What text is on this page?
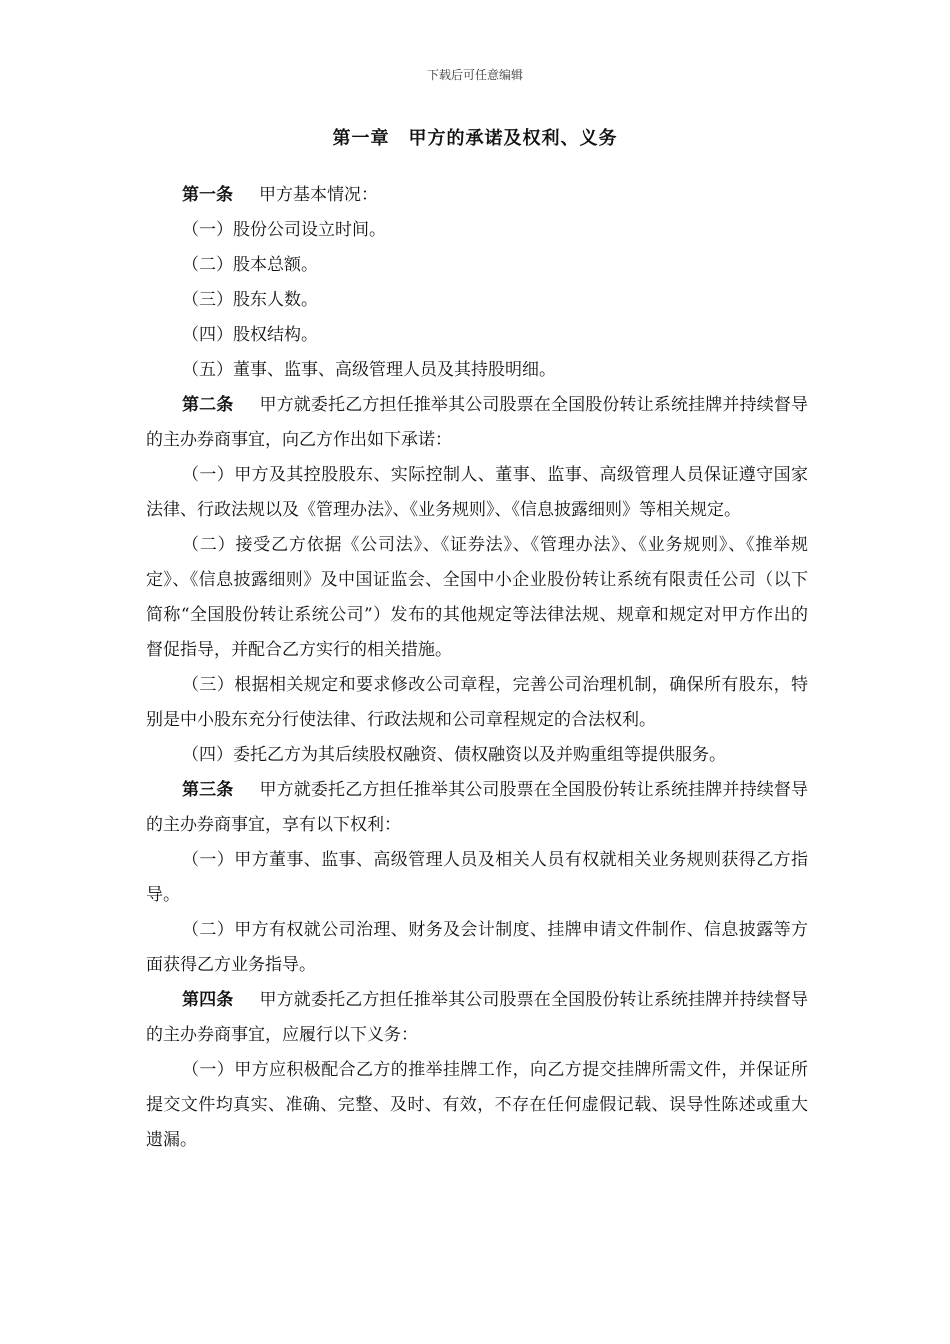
下载后可任意编辑
第一章　甲方的承诺及权利、义务

第一条 甲方基本情况：

（一）股份公司设立时间。

（二）股本总额。

（三）股东人数。

（四）股权结构。

（五）董事、监事、高级管理人员及其持股明细。

第二条 甲方就委托乙方担任推举其公司股票在全国股份转让系统挂牌并持续督导的主办券商事宜，向乙方作出如下承诺：

（一）甲方及其控股股东、实际控制人、董事、监事、高级管理人员保证遵守国家法律、行政法规以及《管理办法》、《业务规则》、《信息披露细则》等相关规定。

（二）接受乙方依据《公司法》、《证券法》、《管理办法》、《业务规则》、《推举规定》、《信息披露细则》及中国证监会、全国中小企业股份转让系统有限责任公司（以下简称“全国股份转让系统公司”）发布的其他规定等法律法规、规章和规定对甲方作出的督促指导，并配合乙方实行的相关措施。

（三）根据相关规定和要求修改公司章程，完善公司治理机制，确保所有股东，特别是中小股东充分行使法律、行政法规和公司章程规定的合法权利。

（四）委托乙方为其后续股权融资、债权融资以及并购重组等提供服务。

第三条 甲方就委托乙方担任推举其公司股票在全国股份转让系统挂牌并持续督导的主办券商事宜，享有以下权利：

（一）甲方董事、监事、高级管理人员及相关人员有权就相关业务规则获得乙方指导。

（二）甲方有权就公司治理、财务及会计制度、挂牌申请文件制作、信息披露等方面获得乙方业务指导。

第四条 甲方就委托乙方担任推举其公司股票在全国股份转让系统挂牌并持续督导的主办券商事宜，应履行以下义务：

（一）甲方应积极配合乙方的推举挂牌工作，向乙方提交挂牌所需文件，并保证所提交文件均真实、准确、完整、及时、有效，不存在任何虚假记载、误导性陈述或重大遗漏。
